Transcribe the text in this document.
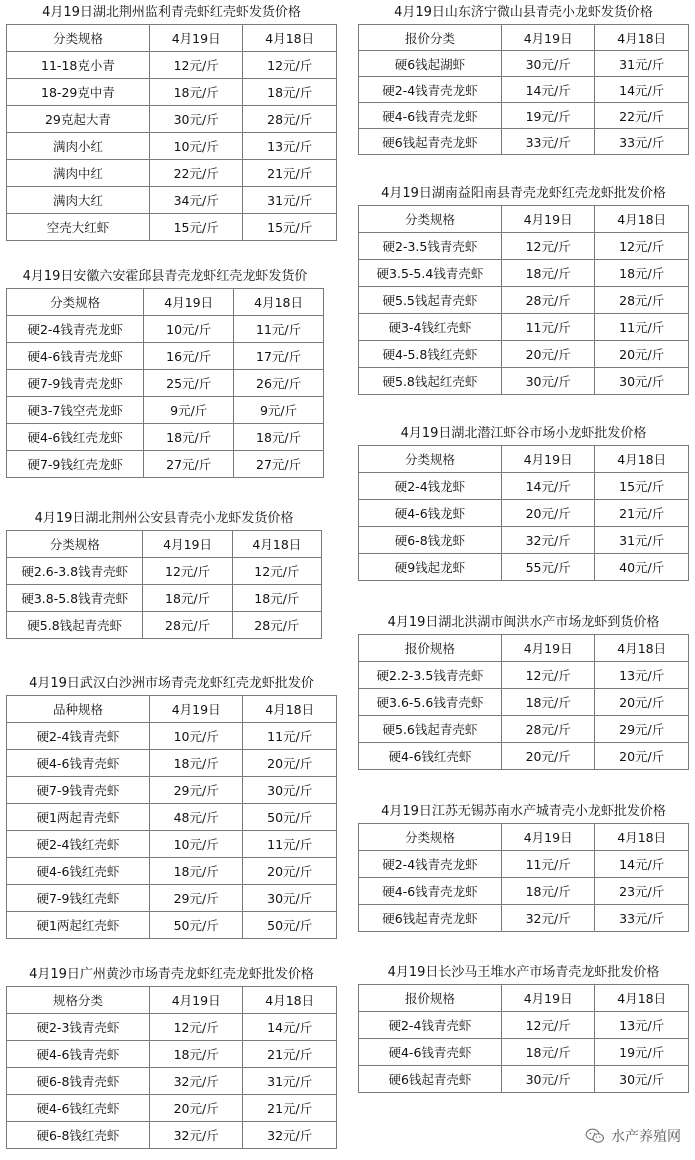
4月19日湖北荆州监利青壳虾红壳虾发货价格
分类规格	4月19日	4月18日
11-18克小青	12元/斤	12元/斤
18-29克中青	18元/斤	18元/斤
29克起大青	30元/斤	28元/斤
满肉小红	10元/斤	13元/斤
满肉中红	22元/斤	21元/斤
满肉大红	34元/斤	31元/斤
空壳大红虾	15元/斤	15元/斤
4月19日安徽六安霍邱县青壳龙虾红壳龙虾发货价
分类规格	4月19日	4月18日
硬2-4钱青壳龙虾	10元/斤	11元/斤
硬4-6钱青壳龙虾	16元/斤	17元/斤
硬7-9钱青壳龙虾	25元/斤	26元/斤
硬3-7钱空壳龙虾	9元/斤	9元/斤
硬4-6钱红壳龙虾	18元/斤	18元/斤
硬7-9钱红壳龙虾	27元/斤	27元/斤
4月19日湖北荆州公安县青壳小龙虾发货价格
分类规格	4月19日	4月18日
硬2.6-3.8钱青壳虾	12元/斤	12元/斤
硬3.8-5.8钱青壳虾	18元/斤	18元/斤
硬5.8钱起青壳虾	28元/斤	28元/斤
4月19日武汉白沙洲市场青壳龙虾红壳龙虾批发价
品种规格	4月19日	4月18日
硬2-4钱青壳虾	10元/斤	11元/斤
硬4-6钱青壳虾	18元/斤	20元/斤
硬7-9钱青壳虾	29元/斤	30元/斤
硬1两起青壳虾	48元/斤	50元/斤
硬2-4钱红壳虾	10元/斤	11元/斤
硬4-6钱红壳虾	18元/斤	20元/斤
硬7-9钱红壳虾	29元/斤	30元/斤
硬1两起红壳虾	50元/斤	50元/斤
4月19日广州黄沙市场青壳龙虾红壳龙虾批发价格
规格分类	4月19日	4月18日
硬2-3钱青壳虾	12元/斤	14元/斤
硬4-6钱青壳虾	18元/斤	21元/斤
硬6-8钱青壳虾	32元/斤	31元/斤
硬4-6钱红壳虾	20元/斤	21元/斤
硬6-8钱红壳虾	32元/斤	32元/斤
4月19日山东济宁微山县青壳小龙虾发货价格
报价分类	4月19日	4月18日
硬6钱起湖虾	30元/斤	31元/斤
硬2-4钱青壳龙虾	14元/斤	14元/斤
硬4-6钱青壳龙虾	19元/斤	22元/斤
硬6钱起青壳龙虾	33元/斤	33元/斤
4月19日湖南益阳南县青壳龙虾红壳龙虾批发价格
分类规格	4月19日	4月18日
硬2-3.5钱青壳虾	12元/斤	12元/斤
硬3.5-5.4钱青壳虾	18元/斤	18元/斤
硬5.5钱起青壳虾	28元/斤	28元/斤
硬3-4钱红壳虾	11元/斤	11元/斤
硬4-5.8钱红壳虾	20元/斤	20元/斤
硬5.8钱起红壳虾	30元/斤	30元/斤
4月19日湖北潜江虾谷市场小龙虾批发价格
分类规格	4月19日	4月18日
硬2-4钱龙虾	14元/斤	15元/斤
硬4-6钱龙虾	20元/斤	21元/斤
硬6-8钱龙虾	32元/斤	31元/斤
硬9钱起龙虾	55元/斤	40元/斤
4月19日湖北洪湖市闽洪水产市场龙虾到货价格
报价规格	4月19日	4月18日
硬2.2-3.5钱青壳虾	12元/斤	13元/斤
硬3.6-5.6钱青壳虾	18元/斤	20元/斤
硬5.6钱起青壳虾	28元/斤	29元/斤
硬4-6钱红壳虾	20元/斤	20元/斤
4月19日江苏无锡苏南水产城青壳小龙虾批发价格
分类规格	4月19日	4月18日
硬2-4钱青壳龙虾	11元/斤	14元/斤
硬4-6钱青壳龙虾	18元/斤	23元/斤
硬6钱起青壳龙虾	32元/斤	33元/斤
4月19日长沙马王堆水产市场青壳龙虾批发价格
报价规格	4月19日	4月18日
硬2-4钱青壳虾	12元/斤	13元/斤
硬4-6钱青壳虾	18元/斤	19元/斤
硬6钱起青壳虾	30元/斤	30元/斤
水产养殖网
